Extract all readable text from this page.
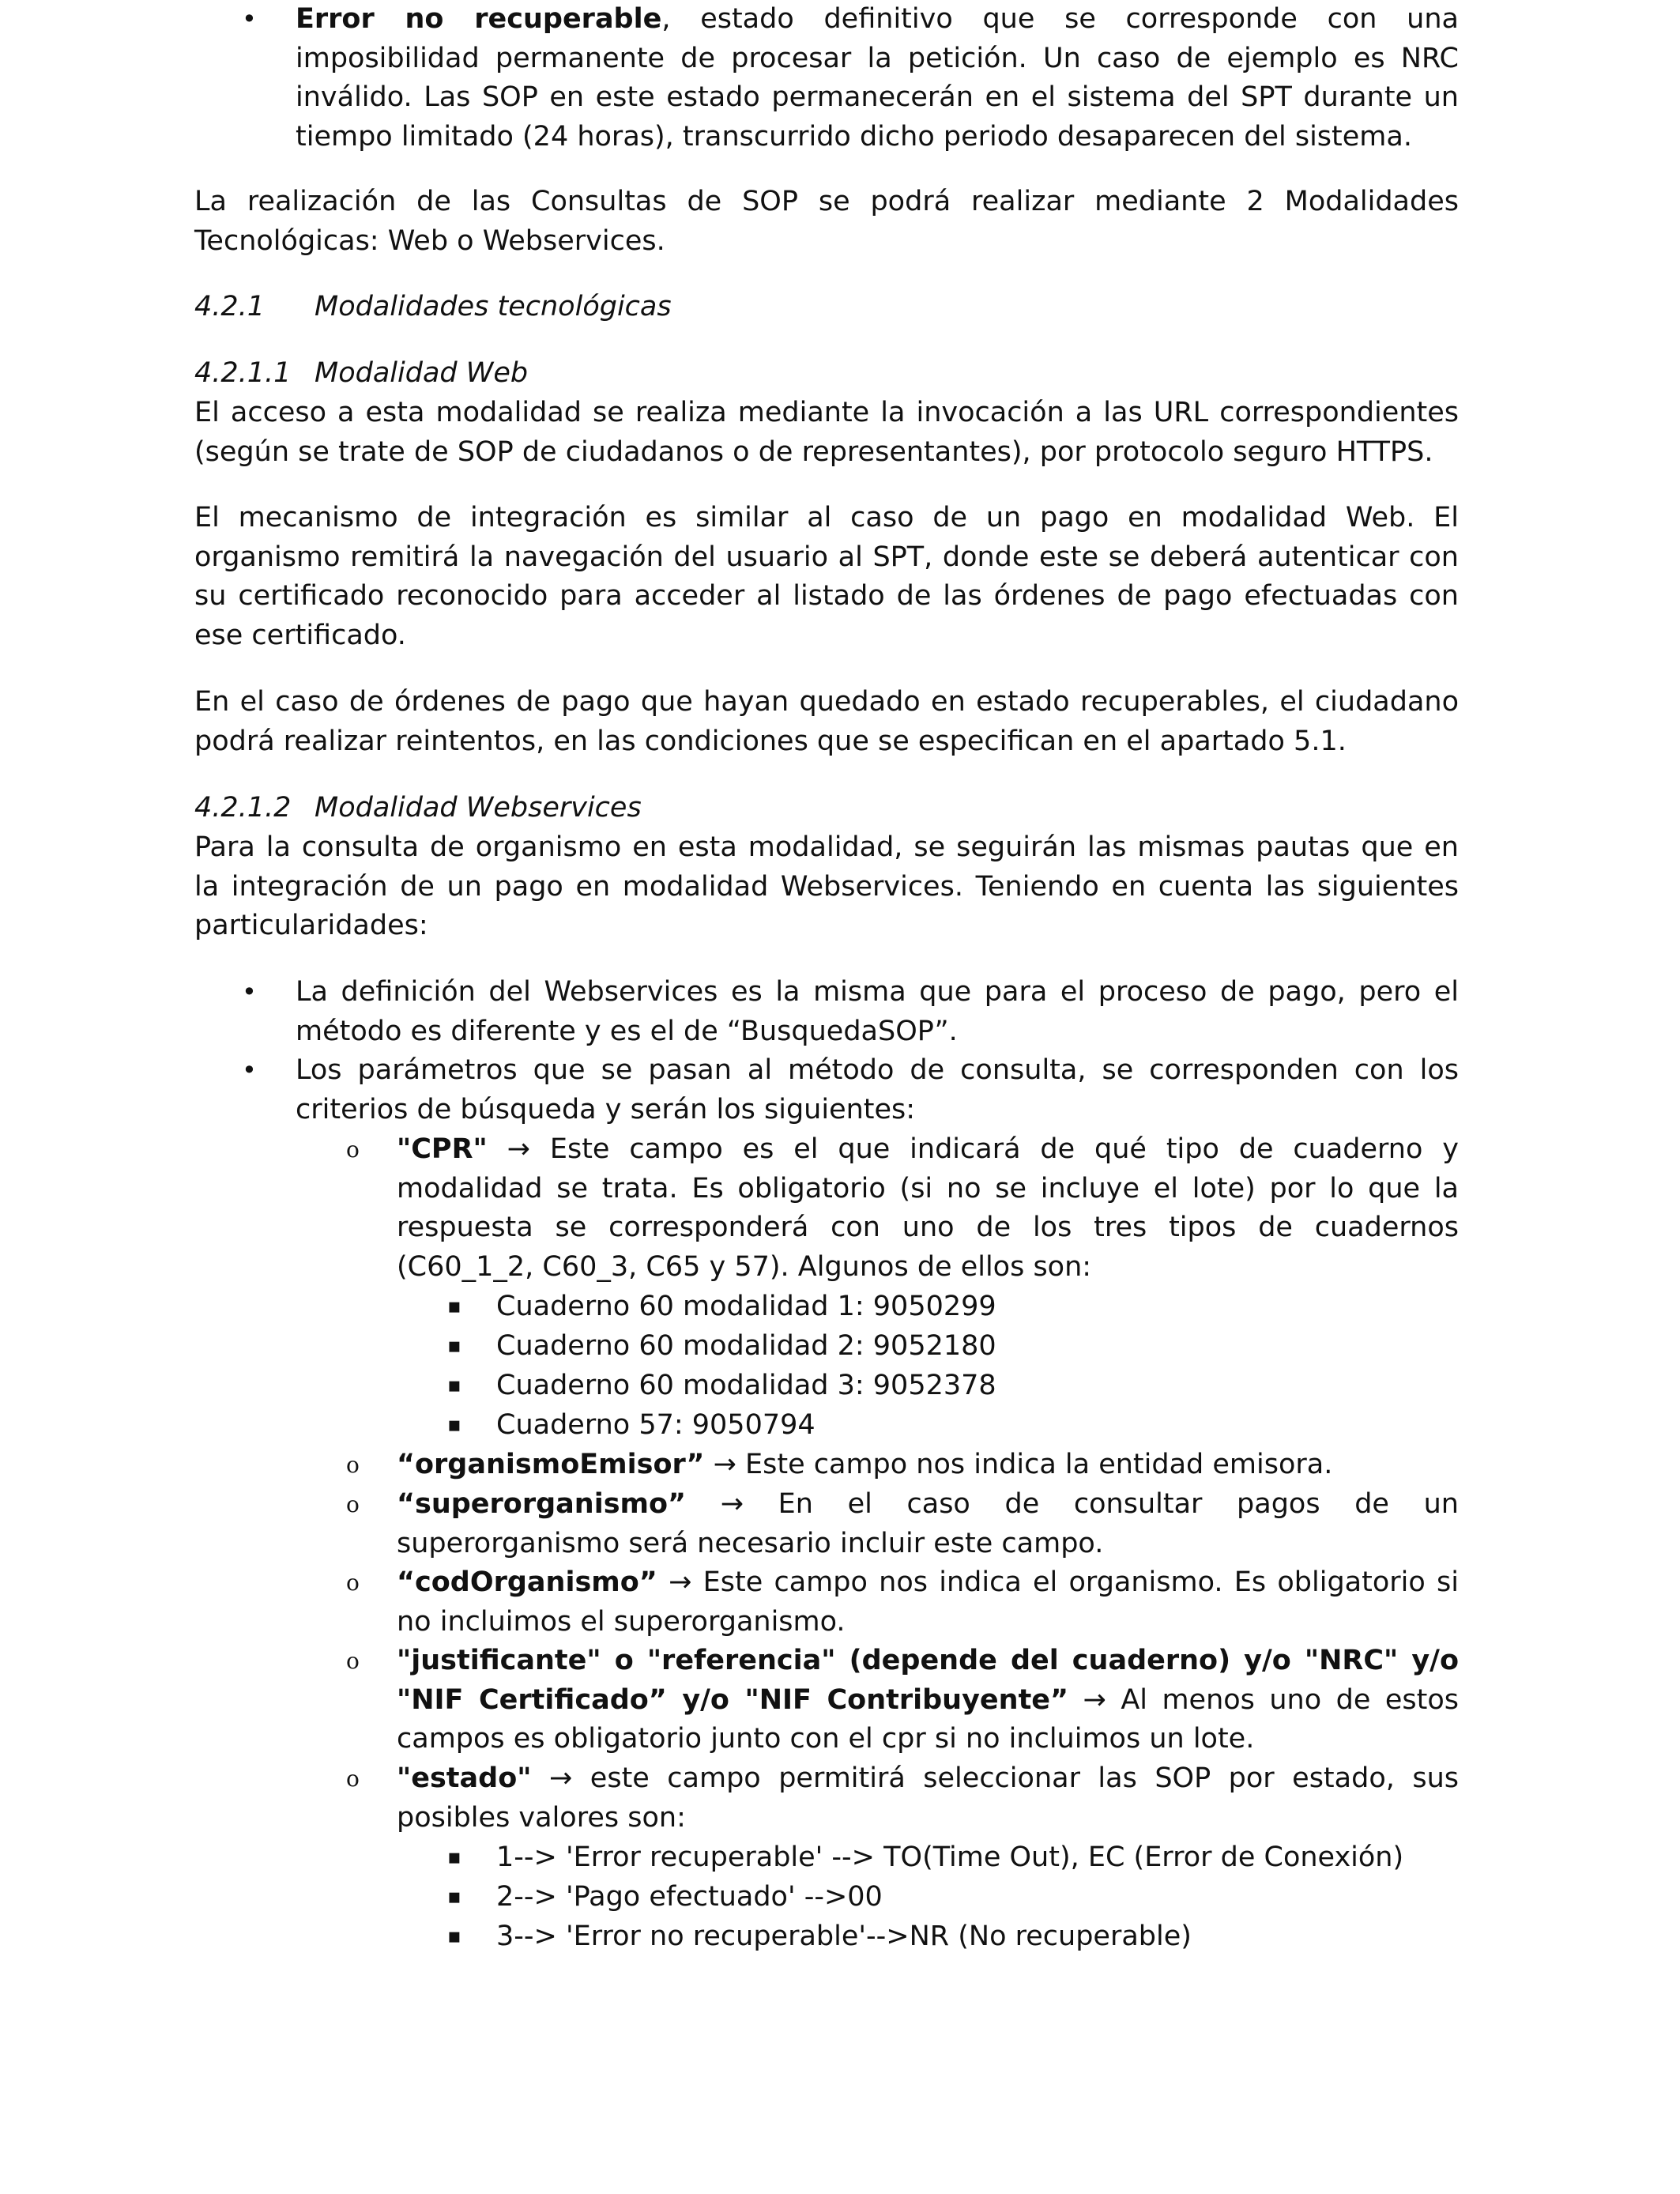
•	Error no recuperable, estado definitivo que se corresponde con una imposibilidad permanente de procesar la petición. Un caso de ejemplo es NRC inválido. Las SOP en este estado permanecerán en el sistema del SPT durante un tiempo limitado (24 horas), transcurrido dicho periodo desaparecen del sistema.

La realización de las Consultas de SOP se podrá realizar mediante 2 Modalidades Tecnológicas: Web o Webservices.

4.2.1 Modalidades tecnológicas

4.2.1.1 Modalidad Web

El acceso a esta modalidad se realiza mediante la invocación a las URL correspondientes (según se trate de SOP de ciudadanos o de representantes), por protocolo seguro HTTPS.

El mecanismo de integración es similar al caso de un pago en modalidad Web. El organismo remitirá la navegación del usuario al SPT, donde este se deberá autenticar con su certificado reconocido para acceder al listado de las órdenes de pago efectuadas con ese certificado.

En el caso de órdenes de pago que hayan quedado en estado recuperables, el ciudadano podrá realizar reintentos, en las condiciones que se especifican en el apartado 5.1.

4.2.1.2 Modalidad Webservices

Para la consulta de organismo en esta modalidad, se seguirán las mismas pautas que en la integración de un pago en modalidad Webservices. Teniendo en cuenta las siguientes particularidades:

•	La definición del Webservices es la misma que para el proceso de pago, pero el método es diferente y es el de “BusquedaSOP”.

•	Los parámetros que se pasan al método de consulta, se corresponden con los criterios de búsqueda y serán los siguientes:

o	"CPR" → Este campo es el que indicará de qué tipo de cuaderno y modalidad se trata. Es obligatorio (si no se incluye el lote) por lo que la respuesta se corresponderá con uno de los tres tipos de cuadernos (C60_1_2, C60_3, C65 y 57). Algunos de ellos son:

▪	Cuaderno 60 modalidad 1: 9050299

▪	Cuaderno 60 modalidad 2: 9052180

▪	Cuaderno 60 modalidad 3: 9052378

▪	Cuaderno 57: 9050794

o	“organismoEmisor” → Este campo nos indica la entidad emisora.

o	“superorganismo” → En el caso de consultar pagos de un superorganismo será necesario incluir este campo.

o	“codOrganismo” → Este campo nos indica el organismo. Es obligatorio si no incluimos el superorganismo.

o	"justificante" o "referencia" (depende del cuaderno) y/o "NRC" y/o "NIF Certificado” y/o "NIF Contribuyente” → Al menos uno de estos campos es obligatorio junto con el cpr si no incluimos un lote.

o	"estado" → este campo permitirá seleccionar las SOP por estado, sus posibles valores son:

▪	1--> 'Error recuperable' --> TO(Time Out), EC (Error de Conexión)

▪	2--> 'Pago efectuado' -->00

▪	3--> 'Error no recuperable'-->NR (No recuperable)
